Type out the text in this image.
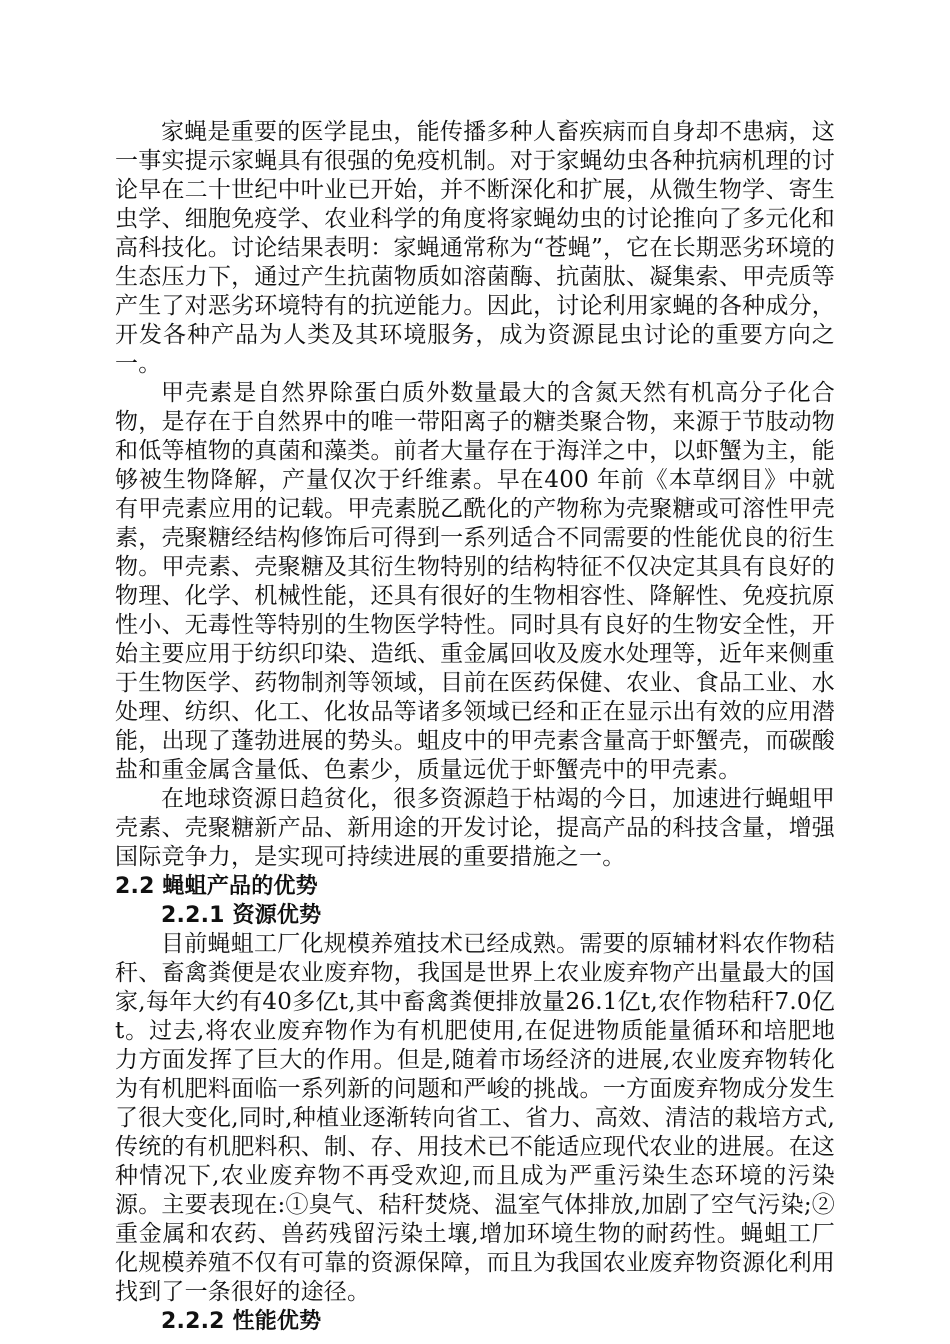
家蝇是重要的医学昆虫，能传播多种人畜疾病而自身却不患病，这一事实提示家蝇具有很强的免疫机制。对于家蝇幼虫各种抗病机理的讨论早在二十世纪中叶业已开始，并不断深化和扩展，从微生物学、寄生虫学、细胞免疫学、农业科学的角度将家蝇幼虫的讨论推向了多元化和高科技化。讨论结果表明：家蝇通常称为“苍蝇”，它在长期恶劣环境的生态压力下，通过产生抗菌物质如溶菌酶、抗菌肽、凝集索、甲壳质等产生了对恶劣环境特有的抗逆能力。因此，讨论利用家蝇的各种成分，开发各种产品为人类及其环境服务，成为资源昆虫讨论的重要方向之一。

甲壳素是自然界除蛋白质外数量最大的含氮天然有机高分子化合物，是存在于自然界中的唯一带阳离子的糖类聚合物，来源于节肢动物和低等植物的真菌和藻类。前者大量存在于海洋之中，以虾蟹为主，能够被生物降解，产量仅次于纤维素。早在400 年前《本草纲目》中就有甲壳素应用的记载。甲壳素脱乙酰化的产物称为壳聚糖或可溶性甲壳素，壳聚糖经结构修饰后可得到一系列适合不同需要的性能优良的衍生物。甲壳素、壳聚糖及其衍生物特别的结构特征不仅决定其具有良好的物理、化学、机械性能，还具有很好的生物相容性、降解性、免疫抗原性小、无毒性等特别的生物医学特性。同时具有良好的生物安全性，开始主要应用于纺织印染、造纸、重金属回收及废水处理等，近年来侧重于生物医学、药物制剂等领域，目前在医药保健、农业、食品工业、水处理、纺织、化工、化妆品等诸多领域已经和正在显示出有效的应用潜能，出现了蓬勃进展的势头。蛆皮中的甲壳素含量高于虾蟹壳，而碳酸盐和重金属含量低、色素少，质量远优于虾蟹壳中的甲壳素。

在地球资源日趋贫化，很多资源趋于枯竭的今日，加速进行蝇蛆甲壳素、壳聚糖新产品、新用途的开发讨论，提高产品的科技含量，增强国际竞争力，是实现可持续进展的重要措施之一。

2.2 蝇蛆产品的优势

2.2.1 资源优势

目前蝇蛆工厂化规模养殖技术已经成熟。需要的原辅材料农作物秸秆、畜禽粪便是农业废弃物，我国是世界上农业废弃物产出量最大的国家,每年大约有40多亿t,其中畜禽粪便排放量26.1亿t,农作物秸秆7.0亿t。过去,将农业废弃物作为有机肥使用,在促进物质能量循环和培肥地力方面发挥了巨大的作用。但是,随着市场经济的进展,农业废弃物转化为有机肥料面临一系列新的问题和严峻的挑战。一方面废弃物成分发生了很大变化,同时,种植业逐渐转向省工、省力、高效、清洁的栽培方式,传统的有机肥料积、制、存、用技术已不能适应现代农业的进展。在这种情况下,农业废弃物不再受欢迎,而且成为严重污染生态环境的污染源。主要表现在:①臭气、秸秆焚烧、温室气体排放,加剧了空气污染;②重金属和农药、兽药残留污染土壤,增加环境生物的耐药性。蝇蛆工厂化规模养殖不仅有可靠的资源保障，而且为我国农业废弃物资源化利用找到了一条很好的途径。

2.2.2 性能优势
